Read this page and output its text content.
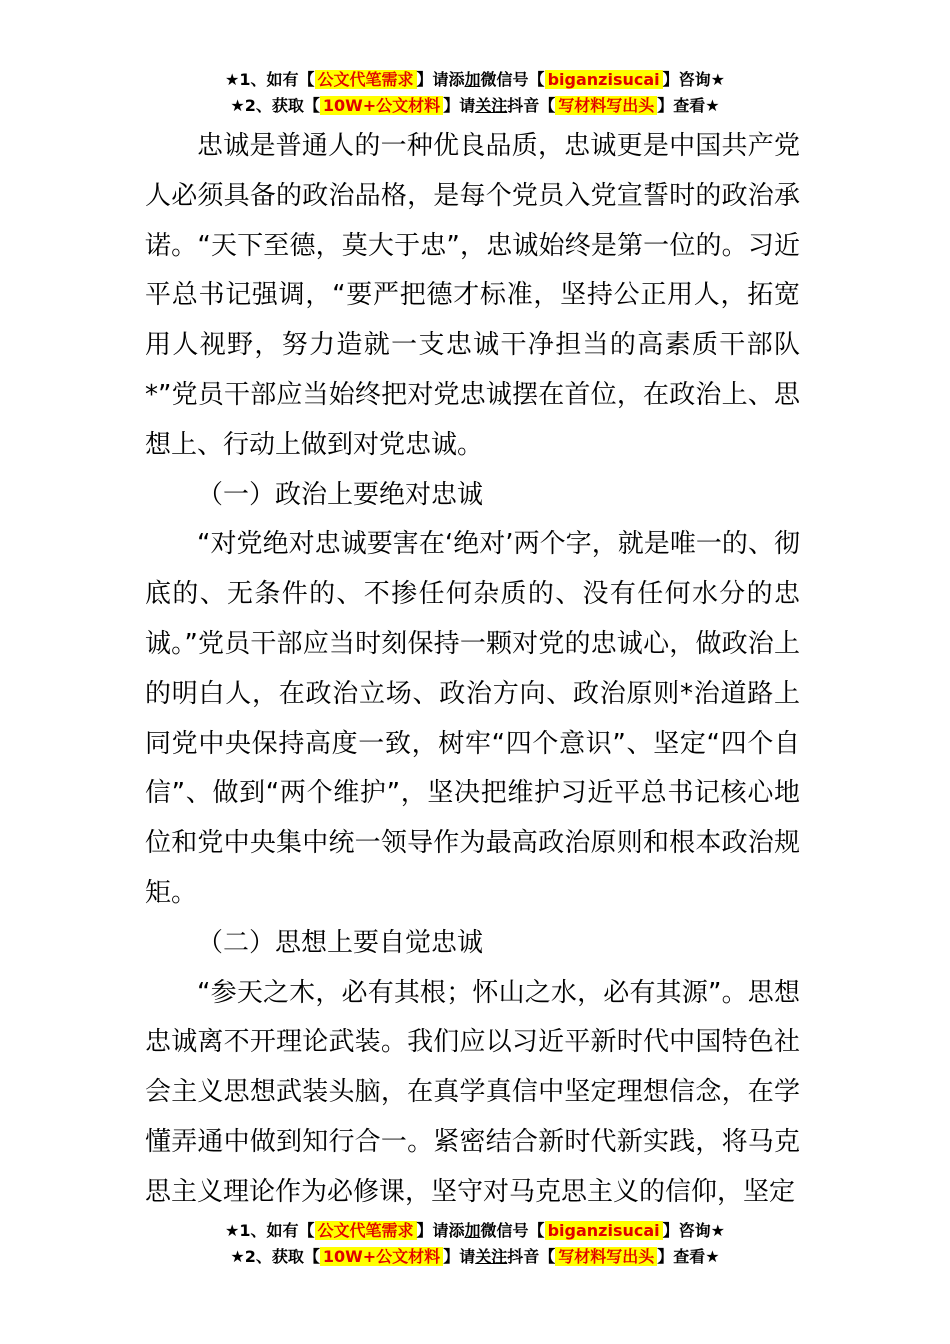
★1、如有【 公文代笔需求 】请添加微信号【 biganzisucai 】咨询★
★2、获取【 10W+公文材料 】请关注抖音【 写材料写出头 】查看★

忠诚是普通人的一种优良品质，忠诚更是中国共产党人必须具备的政治品格，是每个党员入党宣誓时的政治承诺。“天下至德，莫大于忠”，忠诚始终是第一位的。习近平总书记强调，“要严把德才标准，坚持公正用人，拓宽用人视野，努力造就一支忠诚干净担当的高素质干部队*”党员干部应当始终把对党忠诚摆在首位，在政治上、思想上、行动上做到对党忠诚。

（一）政治上要绝对忠诚

“对党绝对忠诚要害在‘绝对’两个字，就是唯一的、彻底的、无条件的、不掺任何杂质的、没有任何水分的忠诚。”党员干部应当时刻保持一颗对党的忠诚心，做政治上的明白人，在政治立场、政治方向、政治原则*治道路上同党中央保持高度一致，树牢“四个意识”、坚定“四个自信”、做到“两个维护”，坚决把维护习近平总书记核心地位和党中央集中统一领导作为最高政治原则和根本政治规矩。

（二）思想上要自觉忠诚

“参天之木，必有其根；怀山之水，必有其源”。思想忠诚离不开理论武装。我们应以习近平新时代中国特色社会主义思想武装头脑，在真学真信中坚定理想信念，在学懂弄通中做到知行合一。紧密结合新时代新实践，将马克思主义理论作为必修课，坚守对马克思主义的信仰，坚定

★1、如有【 公文代笔需求 】请添加微信号【 biganzisucai 】咨询★
★2、获取【 10W+公文材料 】请关注抖音【 写材料写出头 】查看★
